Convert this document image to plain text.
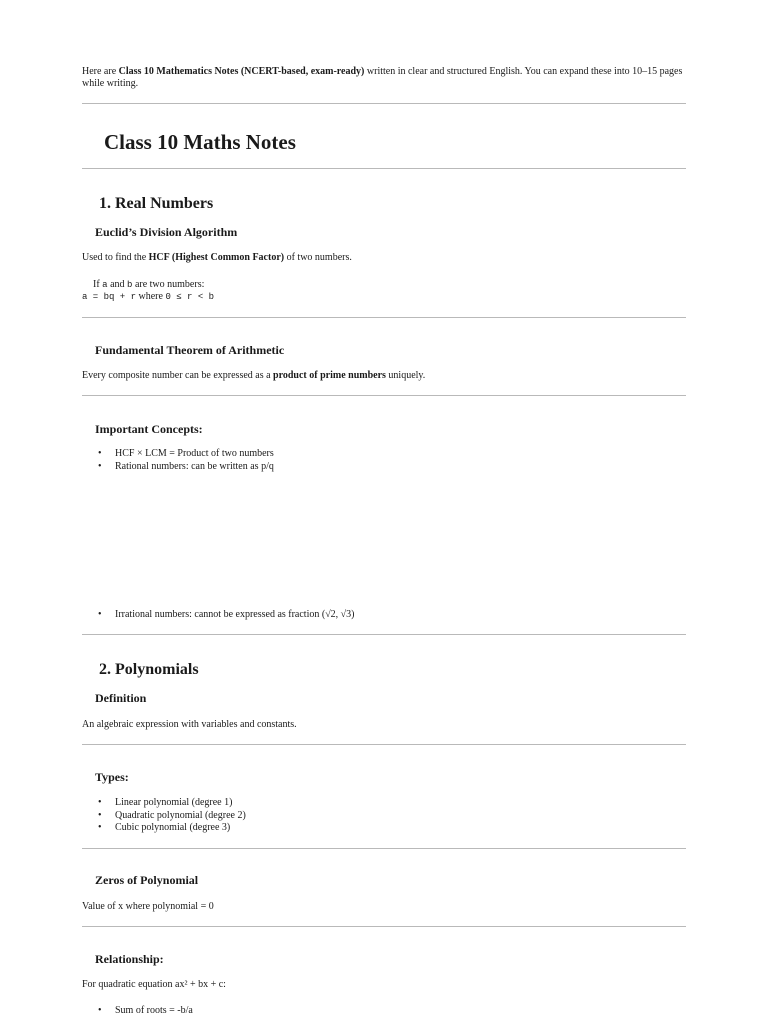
Here are Class 10 Mathematics Notes (NCERT-based, exam-ready) written in clear and structured English. You can expand these into 10–15 pages while writing.

Class 10 Maths Notes
1. Real Numbers
Euclid’s Division Algorithm

Used to find the HCF (Highest Common Factor) of two numbers.

If a and b are two numbers:

a = bq + r where 0 ≤ r < b

Fundamental Theorem of Arithmetic

Every composite number can be expressed as a product of prime numbers uniquely.

Important Concepts:
• HCF × LCM = Product of two numbers
• Rational numbers: can be written as p/q
• Irrational numbers: cannot be expressed as fraction (√2, √3)
2. Polynomials
Definition

An algebraic expression with variables and constants.

Types:
• Linear polynomial (degree 1)
• Quadratic polynomial (degree 2)
• Cubic polynomial (degree 3)
Zeros of Polynomial

Value of x where polynomial = 0

Relationship:

For quadratic equation ax² + bx + c:

• Sum of roots = -b/a
